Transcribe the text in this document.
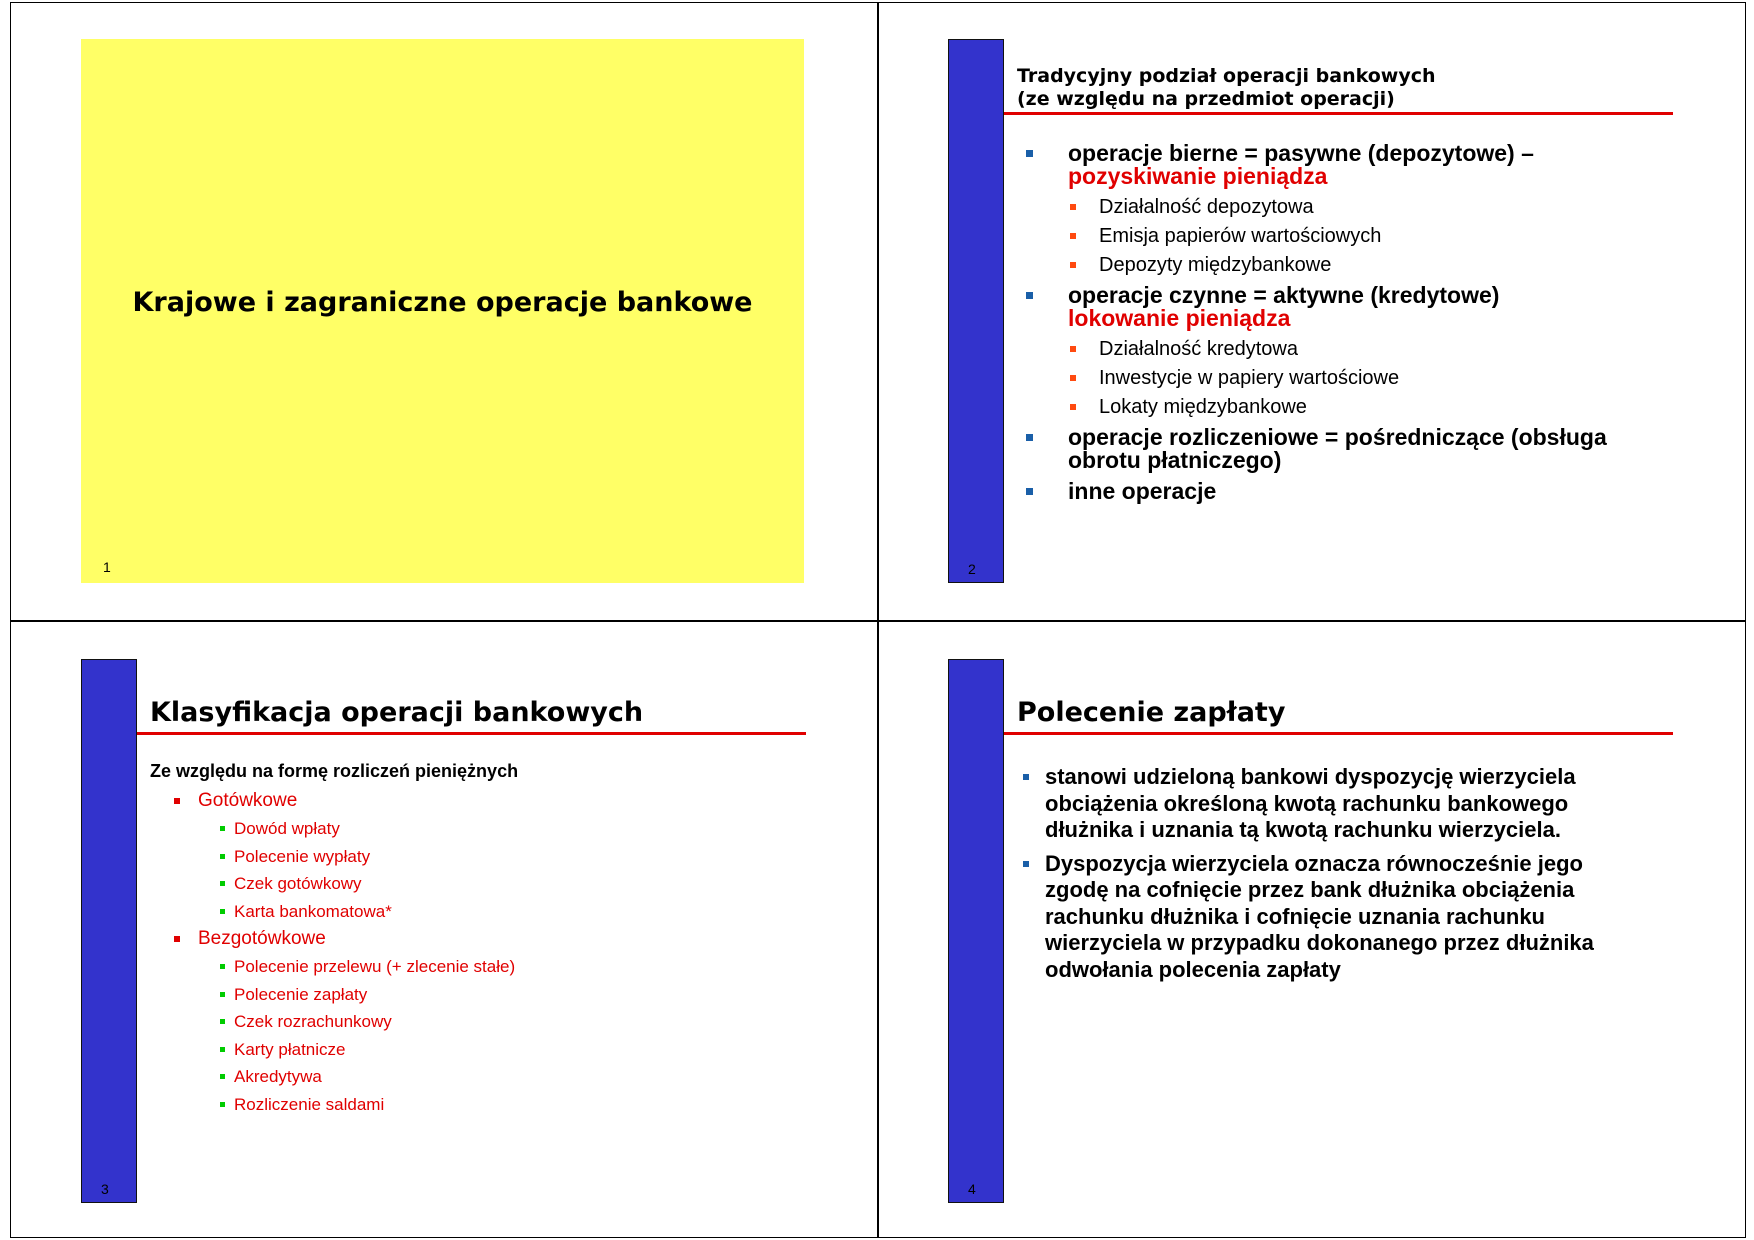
Krajowe i zagraniczne operacje bankowe
1	2
Tradycyjny podział operacji bankowych
(ze względu na przedmiot operacji)
operacje bierne = pasywne (depozytowe) –
pozyskiwanie pieniądza
Działalność depozytowa
Emisja papierów wartościowych
Depozyty międzybankowe
operacje czynne = aktywne (kredytowe)
lokowanie pieniądza
Działalność kredytowa
Inwestycje w papiery wartościowe
Lokaty międzybankowe
operacje rozliczeniowe = pośredniczące (obsługa obrotu płatniczego)
inne operacje
3
Klasyfikacja operacji bankowych
Ze względu na formę rozliczeń pieniężnych
Gotówkowe
Dowód wpłaty
Polecenie wypłaty
Czek gotówkowy
Karta bankomatowa*
Bezgotówkowe
Polecenie przelewu (+ zlecenie stałe)
Polecenie zapłaty
Czek rozrachunkowy
Karty płatnicze
Akredytywa
Rozliczenie saldami
4
Polecenie zapłaty
stanowi udzieloną bankowi dyspozycję wierzyciela obciążenia określoną kwotą rachunku bankowego dłużnika i uznania tą kwotą rachunku wierzyciela.
Dyspozycja wierzyciela oznacza równocześnie jego zgodę na cofnięcie przez bank dłużnika obciążenia rachunku dłużnika i cofnięcie uznania rachunku wierzyciela w przypadku dokonanego przez dłużnika odwołania polecenia zapłaty
